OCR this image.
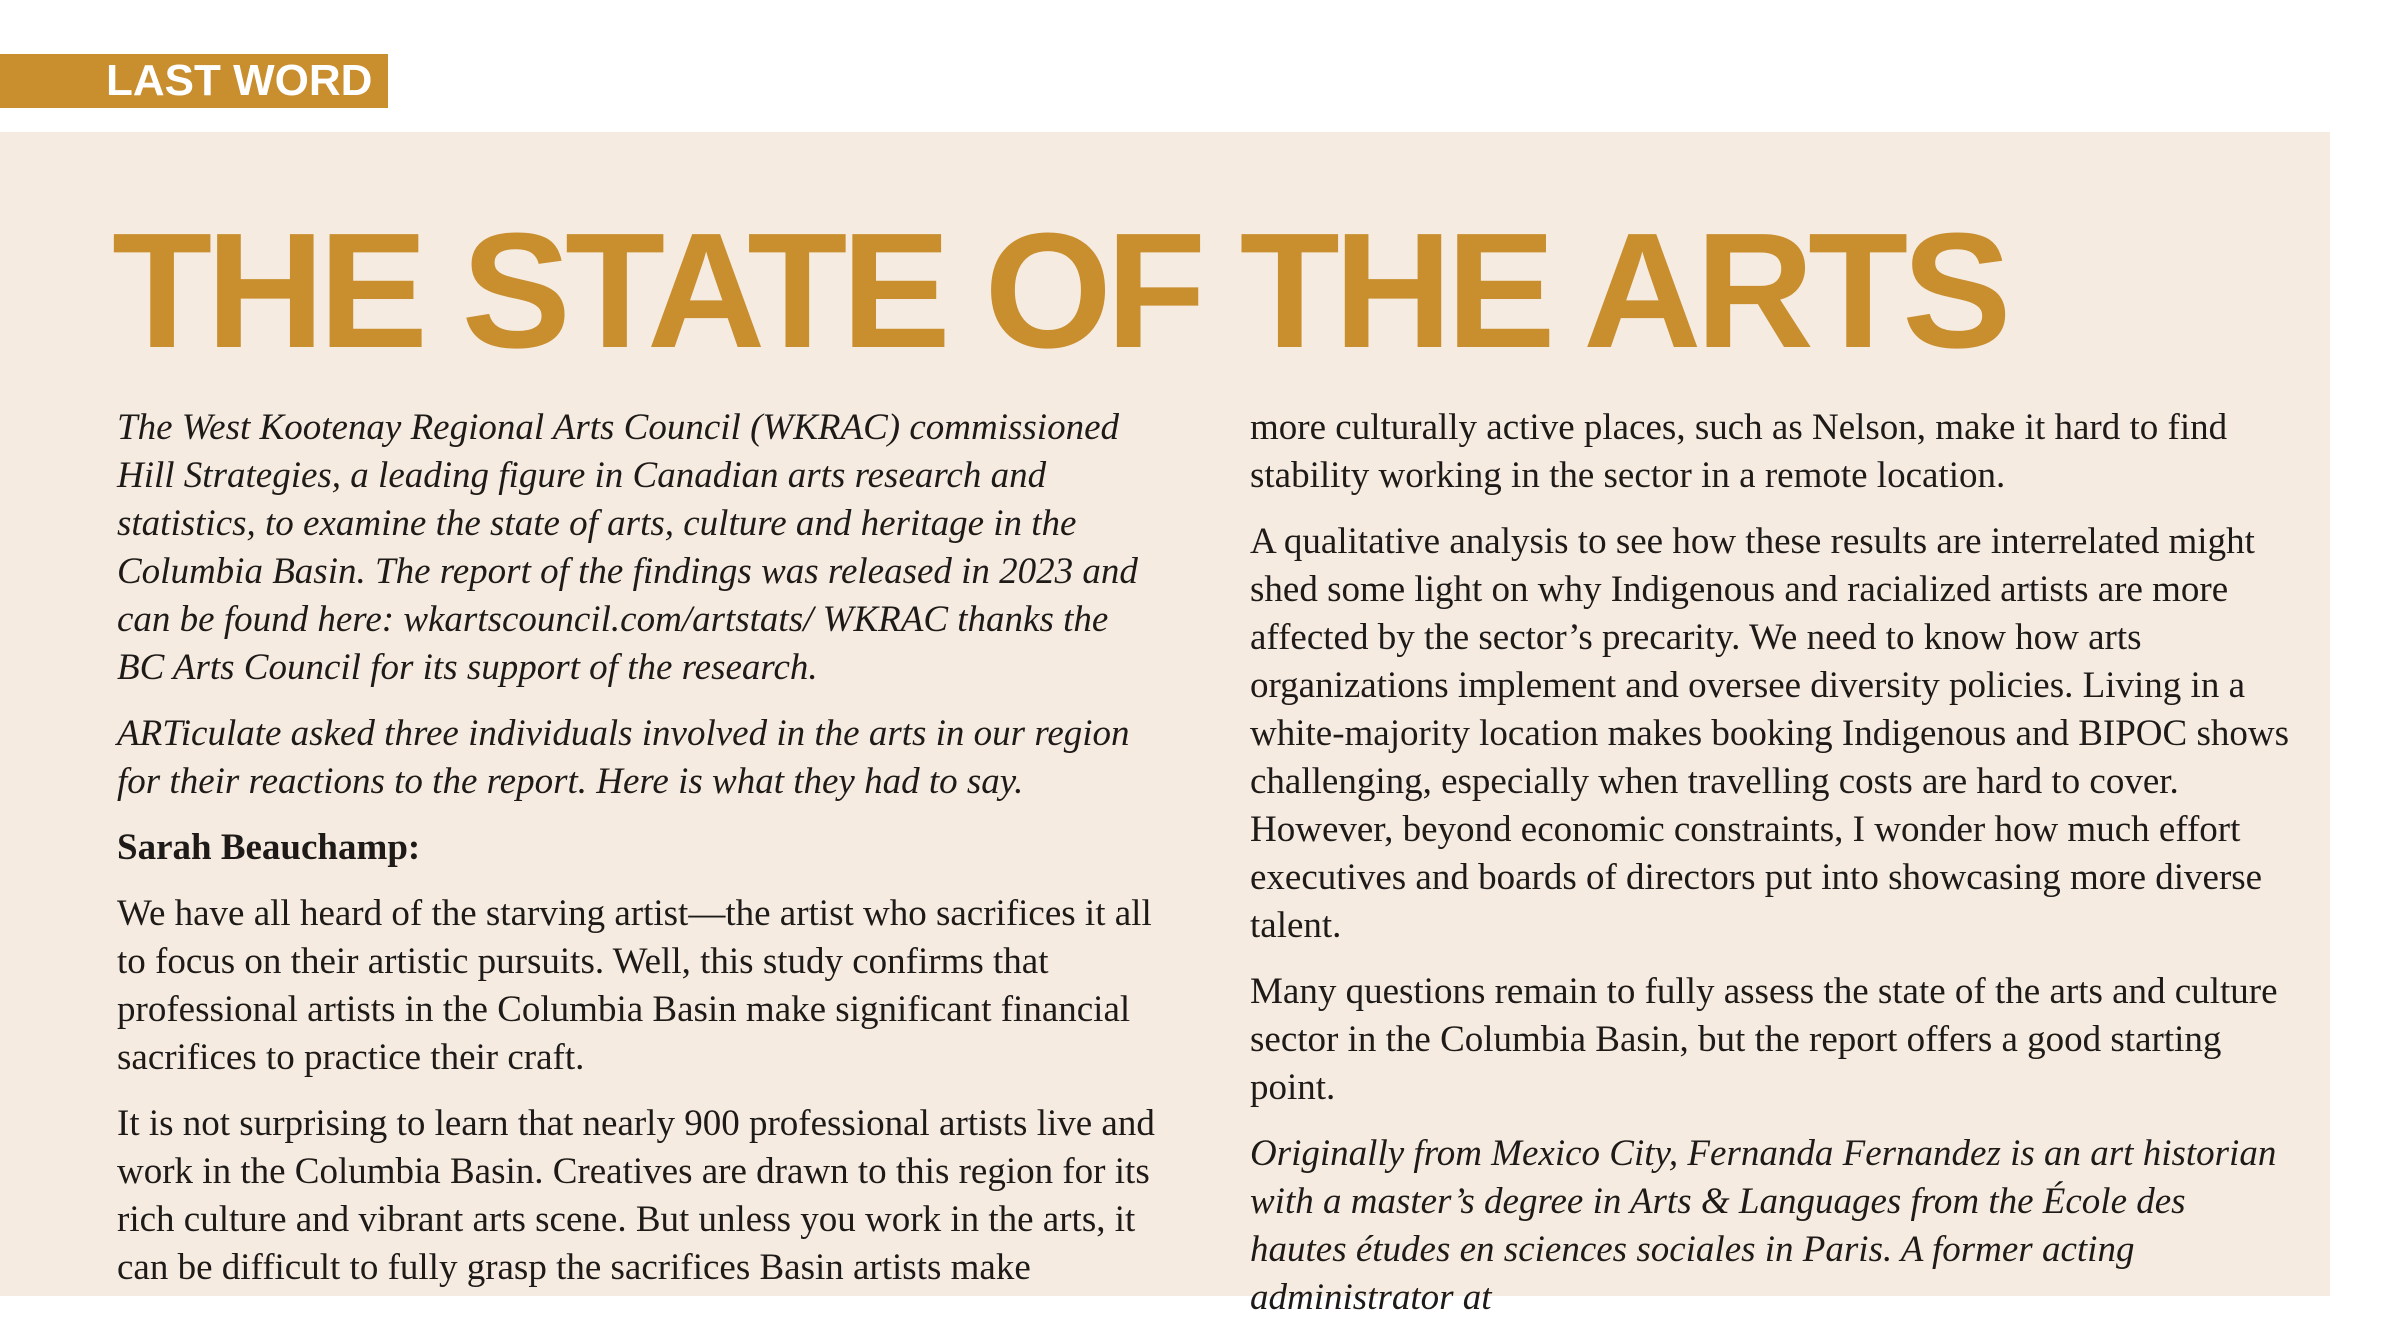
LAST WORD
THE STATE OF THE ARTS

The West Kootenay Regional Arts Council (WKRAC) commissioned Hill Strategies, a leading figure in Canadian arts research and statistics, to examine the state of arts, culture and heritage in the Columbia Basin. The report of the findings was released in 2023 and can be found here: wkartscouncil.com/artstats/ WKRAC thanks the BC Arts Council for its support of the research.

ARTiculate asked three individuals involved in the arts in our region for their reactions to the report. Here is what they had to say.

Sarah Beauchamp:

We have all heard of the starving artist—the artist who sacrifices it all to focus on their artistic pursuits. Well, this study confirms that professional artists in the Columbia Basin make significant financial sacrifices to practice their craft.

It is not surprising to learn that nearly 900 professional artists live and work in the Columbia Basin. Creatives are drawn to this region for its rich culture and vibrant arts scene. But unless you work in the arts, it can be difficult to fully grasp the sacrifices Basin artists make

more culturally active places, such as Nelson, make it hard to find stability working in the sector in a remote location.

A qualitative analysis to see how these results are interrelated might shed some light on why Indigenous and racialized artists are more affected by the sector’s precarity. We need to know how arts organizations implement and oversee diversity policies. Living in a white-majority location makes booking Indigenous and BIPOC shows challenging, especially when travelling costs are hard to cover. However, beyond economic constraints, I wonder how much effort executives and boards of directors put into showcasing more diverse talent.

Many questions remain to fully assess the state of the arts and culture sector in the Columbia Basin, but the report offers a good starting point.

Originally from Mexico City, Fernanda Fernandez is an art historian with a master’s degree in Arts & Languages from the École des hautes études en sciences sociales in Paris. A former acting administrator at
